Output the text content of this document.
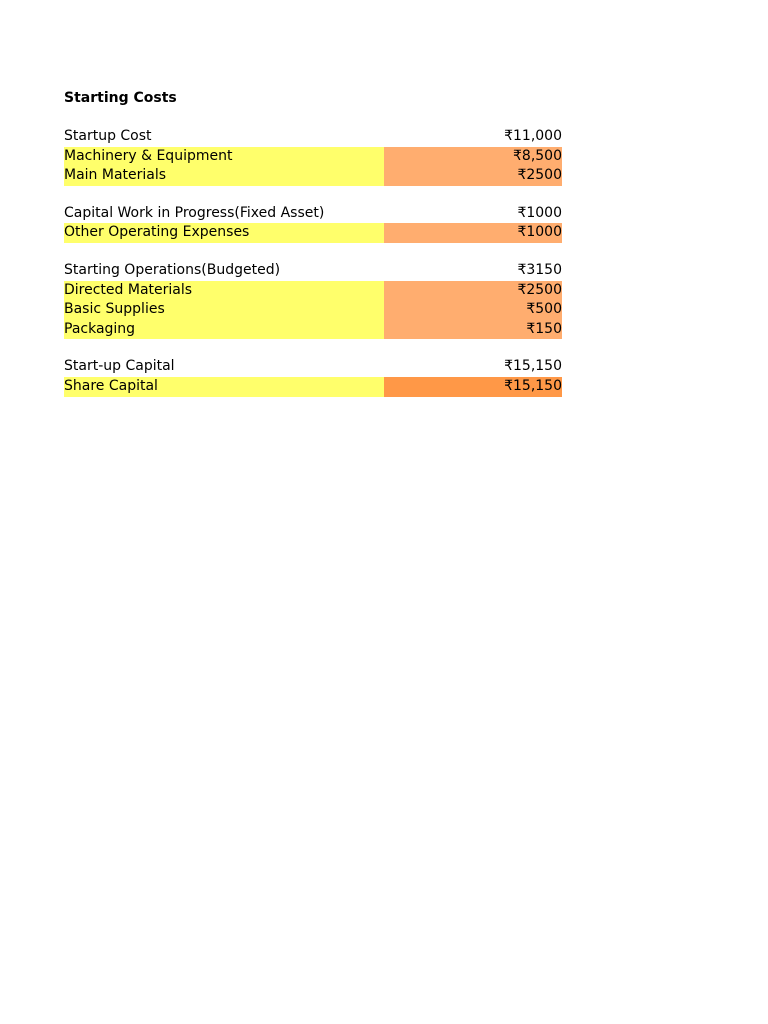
Starting Costs
Startup Cost	₹11,000
Machinery & Equipment	₹8,500
Main Materials	₹2500
Capital Work in Progress(Fixed Asset)	₹1000
Other Operating Expenses	₹1000
Starting Operations(Budgeted)	₹3150
Directed Materials	₹2500
Basic Supplies	₹500
Packaging	₹150
Start-up Capital	₹15,150
Share Capital	₹15,150
